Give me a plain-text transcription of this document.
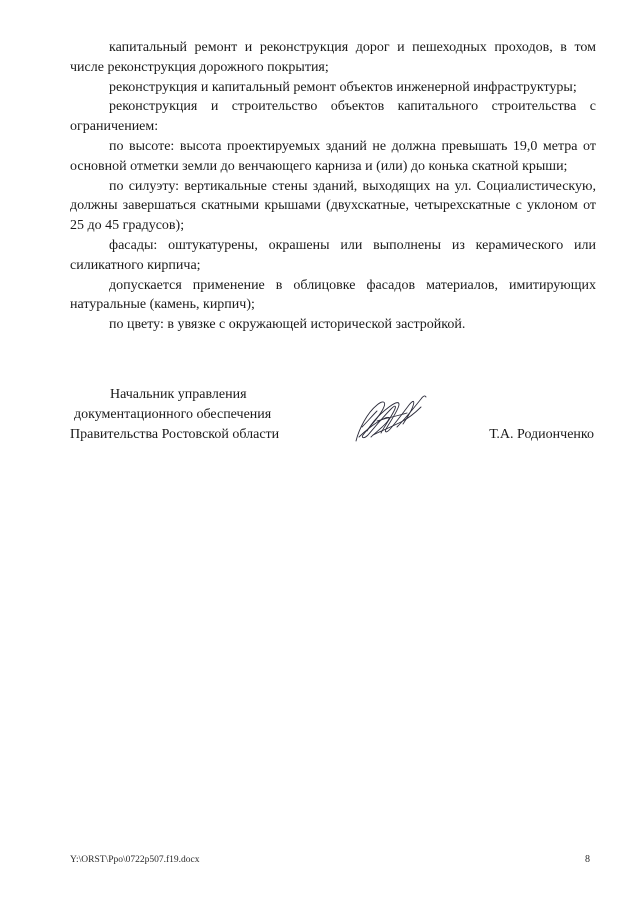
капитальный ремонт и реконструкция дорог и пешеходных проходов, в том числе реконструкция дорожного покрытия;

реконструкция и капитальный ремонт объектов инженерной инфраструктуры;

реконструкция и строительство объектов капитального строительства с ограничением:

по высоте: высота проектируемых зданий не должна превышать 19,0 метра от основной отметки земли до венчающего карниза и (или) до конька скатной крыши;

по силуэту: вертикальные стены зданий, выходящих на ул. Социалистическую, должны завершаться скатными крышами (двухскатные, четырехскатные с уклоном от 25 до 45 градусов);

фасады: оштукатурены, окрашены или выполнены из керамического или силикатного кирпича;

допускается применение в облицовке фасадов материалов, имитирующих натуральные (камень, кирпич);

по цвету: в увязке с окружающей исторической застройкой.

Начальник управления
документационного обеспечения
Правительства Ростовской области	Т.А. Родионченко
Y:\ORST\Ppo\0722p507.f19.docx	8
